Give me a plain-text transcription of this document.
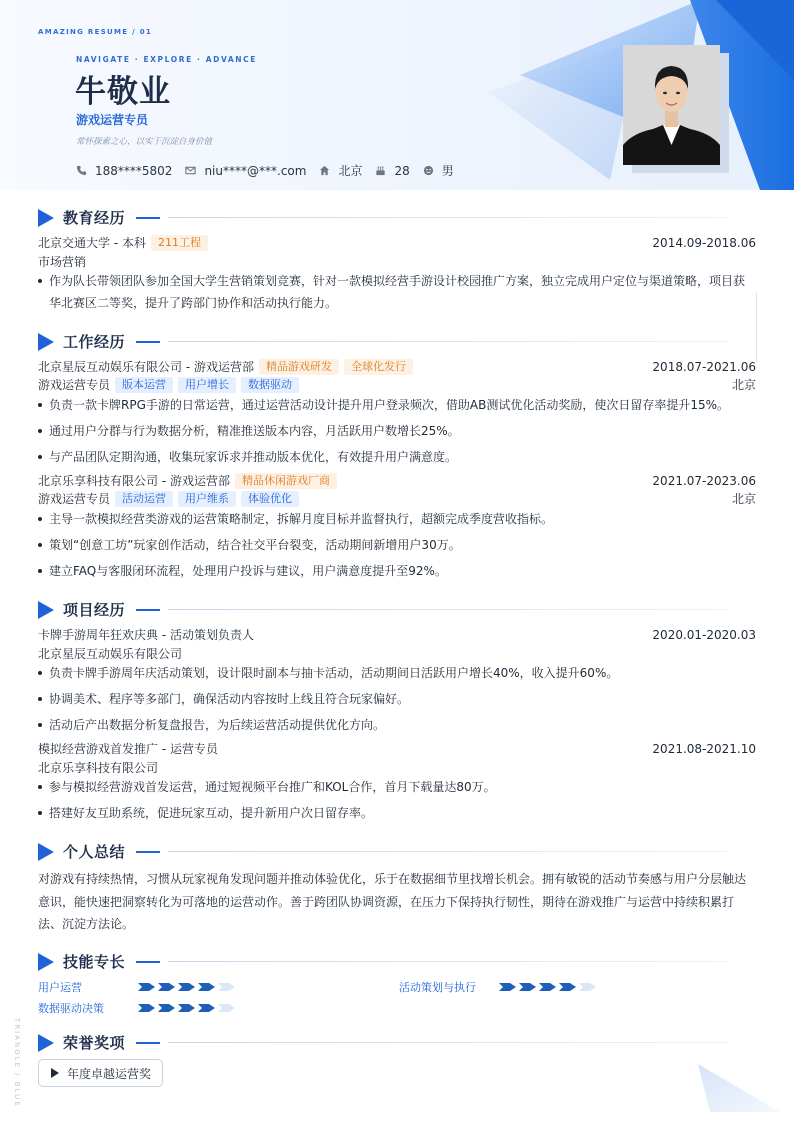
AMAZING RESUME / 01
NAVIGATE · EXPLORE · ADVANCE
牛敬业
游戏运营专员
常怀探索之心，以实干沉淀自身价值
188****5802	niu****@***.com	北京	28	男
教育经历
北京交通大学 - 本科	211工程	2014.09-2018.06
市场营销
作为队长带领团队参加全国大学生营销策划竞赛，针对一款模拟经营手游设计校园推广方案，独立完成用户定位与渠道策略，项目获华北赛区二等奖，提升了跨部门协作和活动执行能力。
工作经历
北京星辰互动娱乐有限公司 - 游戏运营部	精品游戏研发	全球化发行	2018.07-2021.06
游戏运营专员	版本运营	用户增长	数据驱动	北京
负责一款卡牌RPG手游的日常运营，通过运营活动设计提升用户登录频次，借助AB测试优化活动奖励，使次日留存率提升15%。
通过用户分群与行为数据分析，精准推送版本内容，月活跃用户数增长25%。
与产品团队定期沟通，收集玩家诉求并推动版本优化，有效提升用户满意度。
北京乐享科技有限公司 - 游戏运营部	精品休闲游戏厂商	2021.07-2023.06
游戏运营专员	活动运营	用户维系	体验优化	北京
主导一款模拟经营类游戏的运营策略制定，拆解月度目标并监督执行，超额完成季度营收指标。
策划“创意工坊”玩家创作活动，结合社交平台裂变，活动期间新增用户30万。
建立FAQ与客服闭环流程，处理用户投诉与建议，用户满意度提升至92%。
项目经历
卡牌手游周年狂欢庆典 - 活动策划负责人	2020.01-2020.03
北京星辰互动娱乐有限公司
负责卡牌手游周年庆活动策划，设计限时副本与抽卡活动，活动期间日活跃用户增长40%，收入提升60%。
协调美术、程序等多部门，确保活动内容按时上线且符合玩家偏好。
活动后产出数据分析复盘报告，为后续运营活动提供优化方向。
模拟经营游戏首发推广 - 运营专员	2021.08-2021.10
北京乐享科技有限公司
参与模拟经营游戏首发运营，通过短视频平台推广和KOL合作，首月下载量达80万。
搭建好友互助系统，促进玩家互动，提升新用户次日留存率。
个人总结
对游戏有持续热情，习惯从玩家视角发现问题并推动体验优化，乐于在数据细节里找增长机会。拥有敏锐的活动节奏感与用户分层触达意识，能快速把洞察转化为可落地的运营动作。善于跨团队协调资源，在压力下保持执行韧性，期待在游戏推广与运营中持续积累打法、沉淀方法论。
技能专长
用户运营	活动策划与执行
数据驱动决策
荣誉奖项
年度卓越运营奖
TRIANGLE / BLUE
